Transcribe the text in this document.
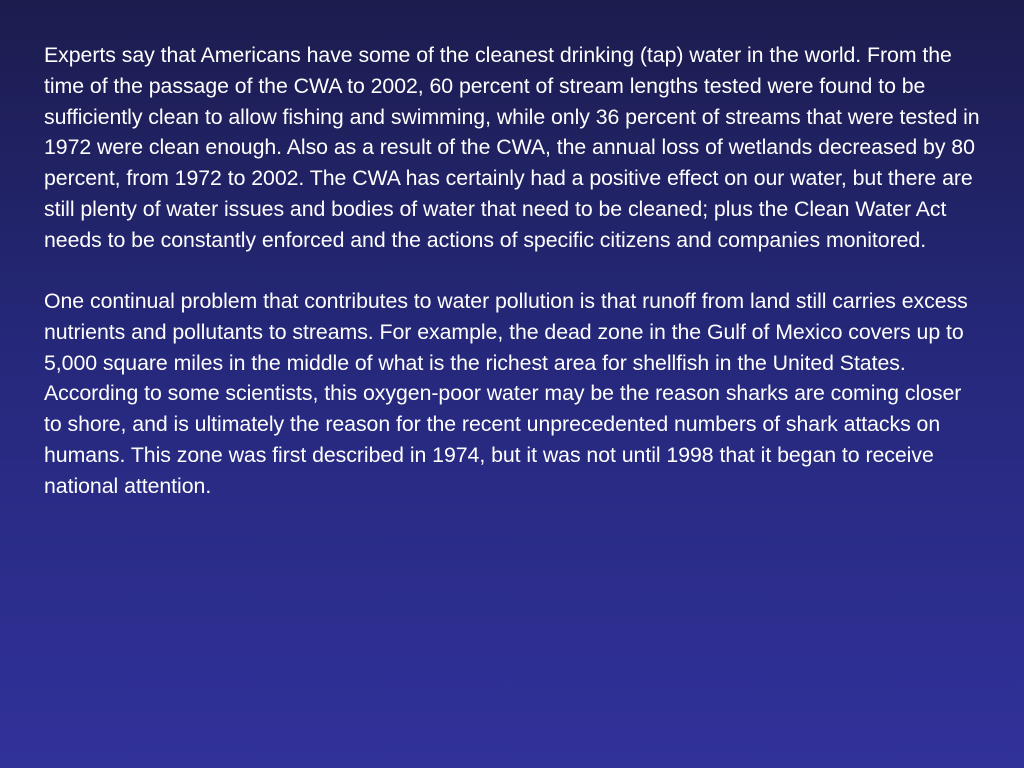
Experts say that Americans have some of the cleanest drinking (tap) water in the world. From the time of the passage of the CWA to 2002, 60 percent of stream lengths tested were found to be sufficiently clean to allow fishing and swimming, while only 36 percent of streams that were tested in 1972 were clean enough. Also as a result of the CWA, the annual loss of wetlands decreased by 80 percent, from 1972 to 2002. The CWA has certainly had a positive effect on our water, but there are still plenty of water issues and bodies of water that need to be cleaned; plus the Clean Water Act needs to be constantly enforced and the actions of specific citizens and companies monitored.

One continual problem that contributes to water pollution is that runoff from land still carries excess nutrients and pollutants to streams. For example, the dead zone in the Gulf of Mexico covers up to 5,000 square miles in the middle of what is the richest area for shellfish in the United States. According to some scientists, this oxygen-poor water may be the reason sharks are coming closer to shore, and is ultimately the reason for the recent unprecedented numbers of shark attacks on humans. This zone was first described in 1974, but it was not until 1998 that it began to receive national attention.
